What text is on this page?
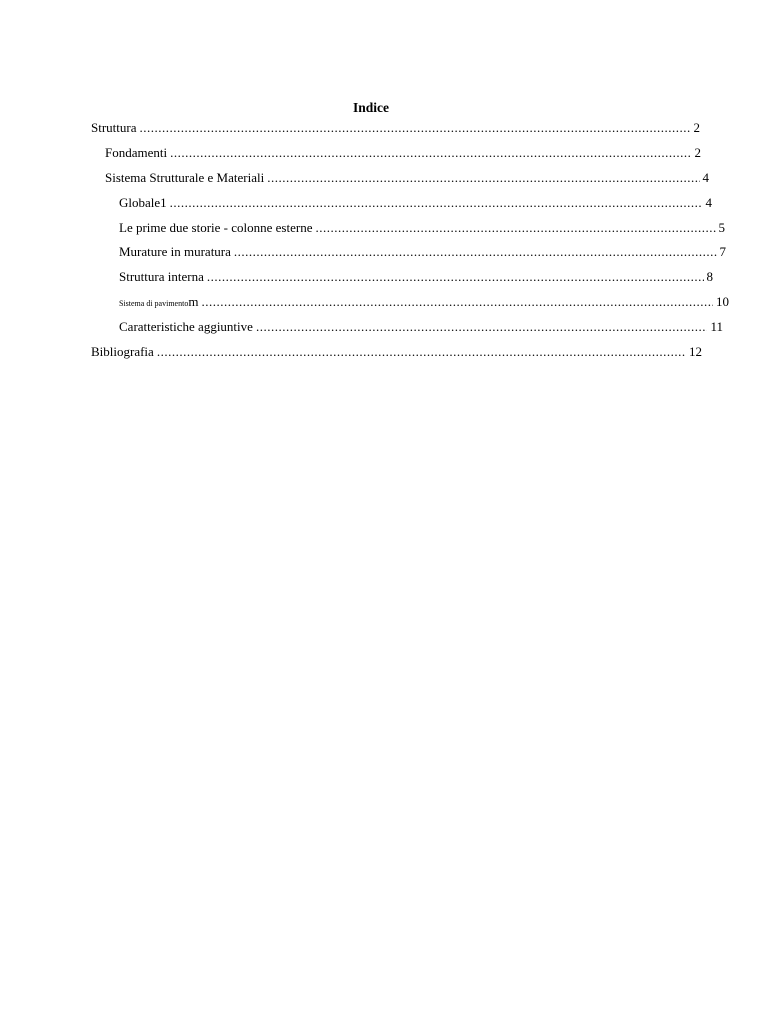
Indice
Struttura .....	2
Fondamenti .....	2
Sistema Strutturale e Materiali .....	4
Globale1 .....	4
Le prime due storie - colonne esterne .....	5
Murature in muratura .....	7
Struttura interna .....	8
Sistema di pavimentom .....	10
Caratteristiche aggiuntive .....	11
Bibliografia .....	12
